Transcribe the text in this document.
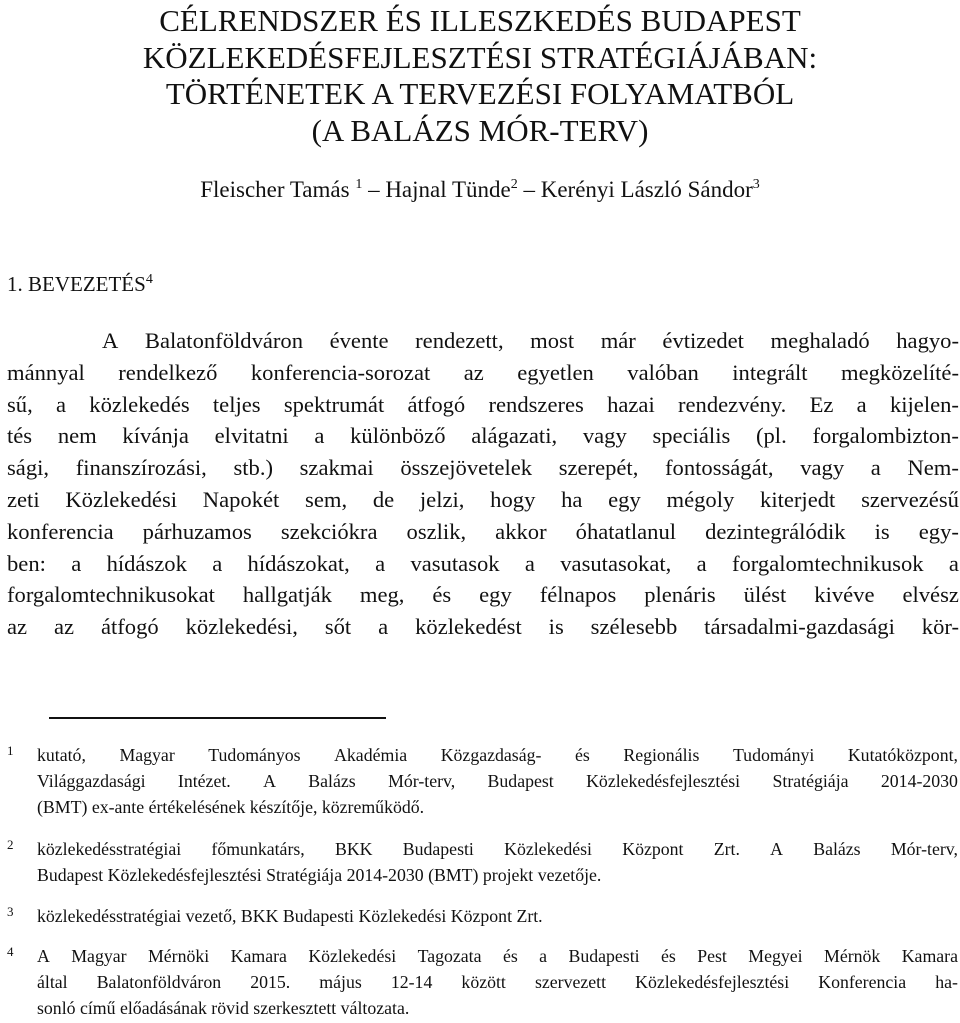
CÉLRENDSZER ÉS ILLESZKEDÉS BUDAPEST
KÖZLEKEDÉSFEJLESZTÉSI STRATÉGIÁJÁBAN:
TÖRTÉNETEK A TERVEZÉSI FOLYAMATBÓL
(A BALÁZS MÓR-TERV)
Fleischer Tamás $^1$ – Hajnal Tünde$^2$ – Kerényi László Sándor$^3$
1. BEVEZETÉS$^4$
A Balatonföldváron évente rendezett, most már évtizedet meghaladó hagyo-
mánnyal rendelkező konferencia-sorozat az egyetlen valóban integrált megközelíté-
sű, a közlekedés teljes spektrumát átfogó rendszeres hazai rendezvény. Ez a kijelen-
tés nem kívánja elvitatni a különböző alágazati, vagy speciális (pl. forgalombizton-
sági, finanszírozási, stb.) szakmai összejövetelek szerepét, fontosságát, vagy a Nem-
zeti Közlekedési Napokét sem, de jelzi, hogy ha egy mégoly kiterjedt szervezésű
konferencia párhuzamos szekciókra oszlik, akkor óhatatlanul dezintegrálódik is egy-
ben: a hídászok a hídászokat, a vasutasok a vasutasokat, a forgalomtechnikusok a
forgalomtechnikusokat hallgatják meg, és egy félnapos plenáris ülést kivéve elvész
az az átfogó közlekedési, sőt a közlekedést is szélesebb társadalmi-gazdasági kör-
1 kutató, Magyar Tudományos Akadémia Közgazdaság- és Regionális Tudományi Kutatóközpont,
Világgazdasági Intézet. A Balázs Mór-terv, Budapest Közlekedésfejlesztési Stratégiája 2014-2030
(BMT) ex-ante értékelésének készítője, közreműködő.
2 közlekedésstratégiai főmunkatárs, BKK Budapesti Közlekedési Központ Zrt. A Balázs Mór-terv,
Budapest Közlekedésfejlesztési Stratégiája 2014-2030 (BMT) projekt vezetője.
3 közlekedésstratégiai vezető, BKK Budapesti Közlekedési Központ Zrt.
4 A Magyar Mérnöki Kamara Közlekedési Tagozata és a Budapesti és Pest Megyei Mérnök Kamara
által Balatonföldváron 2015. május 12-14 között szervezett Közlekedésfejlesztési Konferencia ha-
sonló című előadásának rövid szerkesztett változata.
